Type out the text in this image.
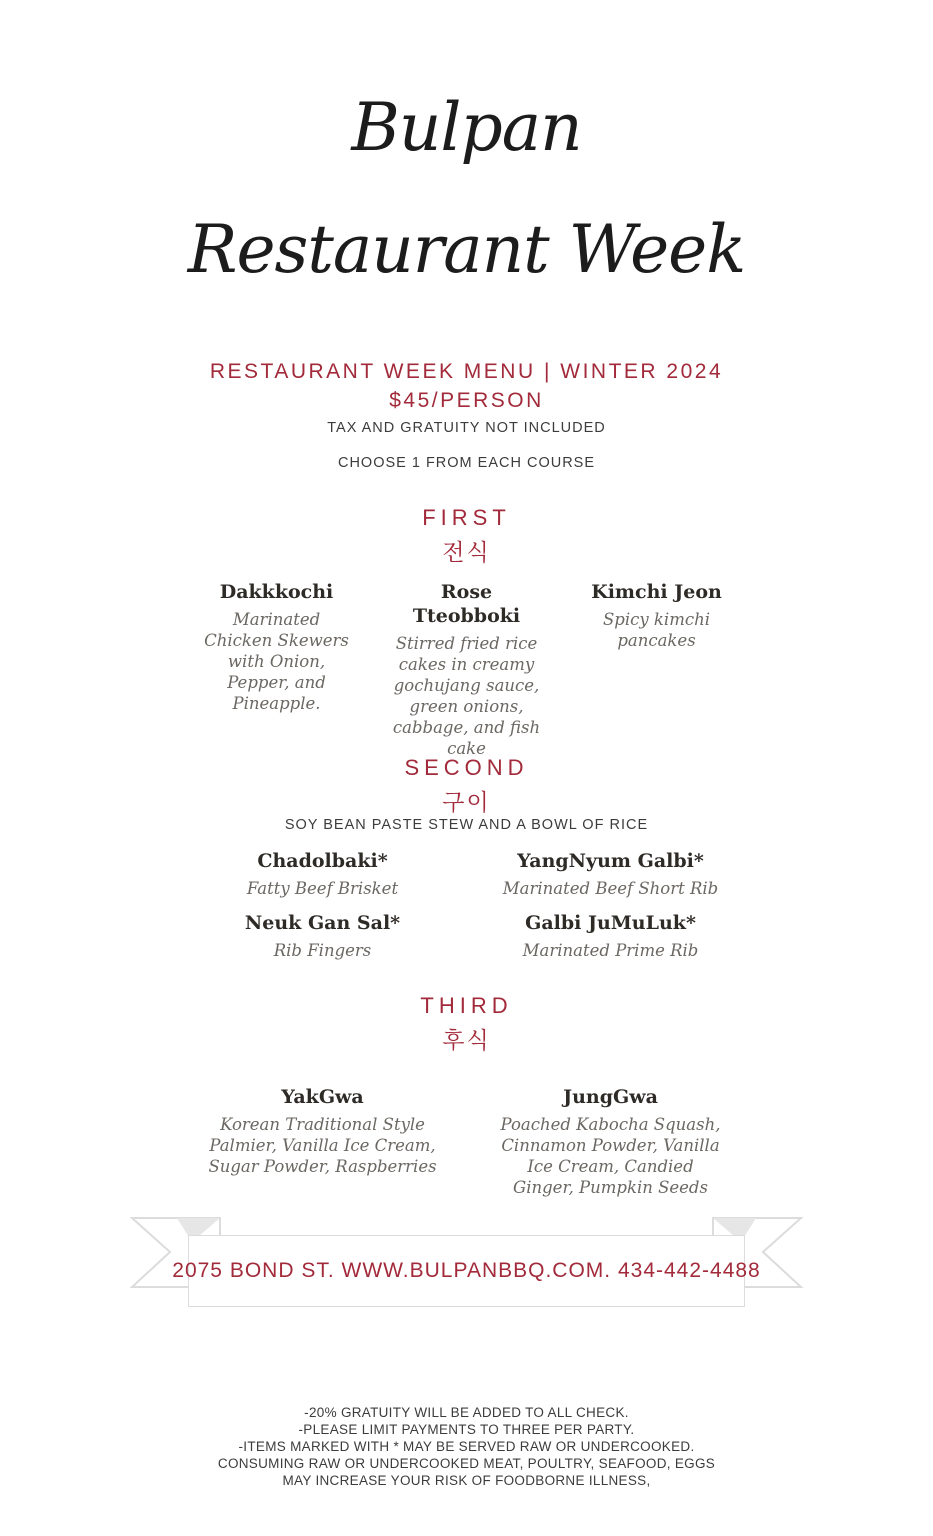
Bulpan
Restaurant Week
RESTAURANT WEEK MENU | WINTER 2024
$45/PERSON
TAX AND GRATUITY NOT INCLUDED
CHOOSE 1 FROM EACH COURSE
FIRST
전식
Dakkkochi
Marinated Chicken Skewers with Onion, Pepper, and Pineapple.
Rose Tteobboki
Stirred fried rice cakes in creamy gochujang sauce, green onions, cabbage, and fish cake
Kimchi Jeon
Spicy kimchi pancakes
SECOND
구이
SOY BEAN PASTE STEW AND A BOWL OF RICE
Chadolbaki*
Fatty Beef Brisket
YangNyum Galbi*
Marinated Beef Short Rib
Neuk Gan Sal*
Rib Fingers
Galbi JuMuLuk*
Marinated Prime Rib
THIRD
후식
YakGwa
Korean Traditional Style Palmier, Vanilla Ice Cream, Sugar Powder, Raspberries
JungGwa
Poached Kabocha Squash, Cinnamon Powder, Vanilla Ice Cream, Candied Ginger, Pumpkin Seeds
2075 BOND ST. WWW.BULPANBBQ.COM. 434-442-4488
-20% GRATUITY WILL BE ADDED TO ALL CHECK.
-PLEASE LIMIT PAYMENTS TO THREE PER PARTY.
-ITEMS MARKED WITH * MAY BE SERVED RAW OR UNDERCOOKED.
CONSUMING RAW OR UNDERCOOKED MEAT, POULTRY, SEAFOOD, EGGS
MAY INCREASE YOUR RISK OF FOODBORNE ILLNESS,
